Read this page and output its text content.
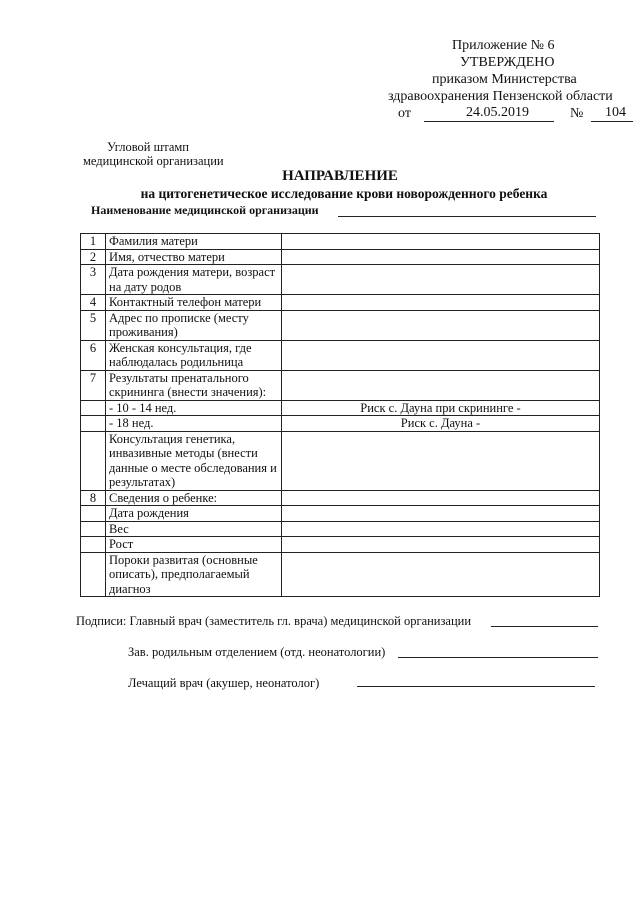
Приложение № 6
УТВЕРЖДЕНО
приказом Министерства
здравоохранения Пензенской области
от	24.05.2019	№ 104
Угловой штамп
медицинской организации
НАПРАВЛЕНИЕ
на цитогенетическое исследование крови новорожденного ребенка
Наименование медицинской организации
1	Фамилия матери	
2	Имя, отчество матери	
3	Дата рождения матери, возраст на дату родов	
4	Контактный телефон матери	
5	Адрес по прописке (месту проживания)	
6	Женская консультация, где наблюдалась родильница	
7	Результаты пренатального скрининга (внести значения):	
	- 10 - 14 нед.	Риск с. Дауна при скрининге -
	- 18 нед.	Риск с. Дауна -
	Консультация генетика, инвазивные методы (внести данные о месте обследования и результатах)	
8	Сведения о ребенке:	
	Дата рождения	
	Вес	
	Рост	
	Пороки развитая (основные описать), предполагаемый диагноз	
Подписи: Главный врач (заместитель гл. врача) медицинской организации
Зав. родильным отделением (отд. неонатологии)
Лечащий врач (акушер, неонатолог)
